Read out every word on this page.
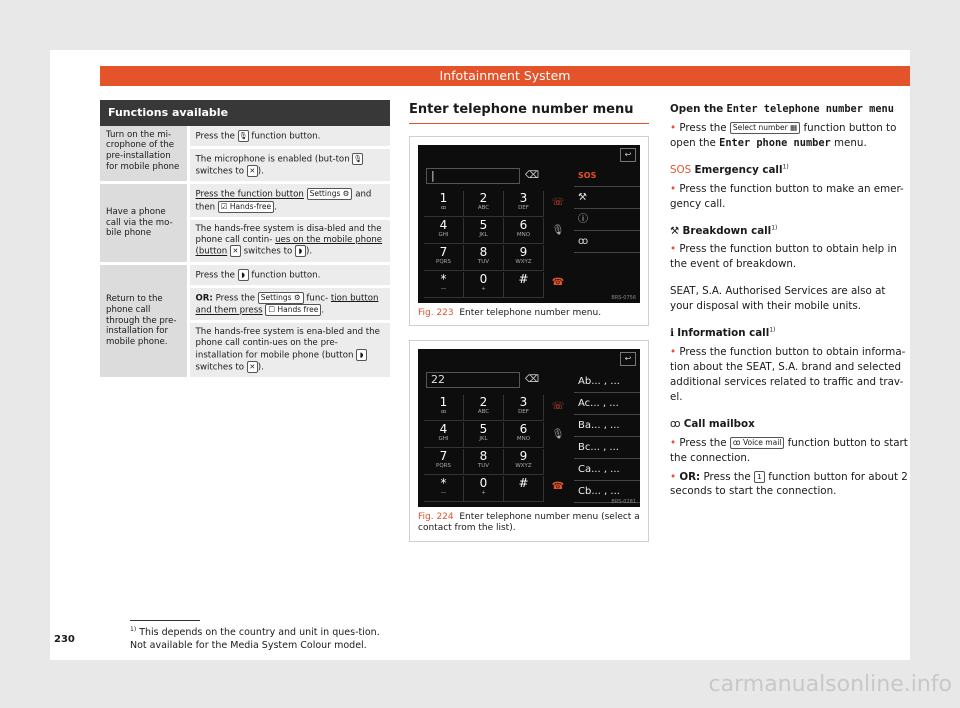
Infotainment System
Functions available	
Turn on the mi-crophone of the pre-installation for mobile phone	Press the 🎙 function button.
	The microphone is enabled (but-ton 🎙 switches to ✕ ).
Have a phone call via the mo-bile phone	Press the function button Settings ⚙ and then ☑ Hands-free .
	The hands-free system is disa-bled and the phone call contin- ues on the mobile phone (button ✕ switches to ◗ ).
Return to the phone call through the pre-installation for mobile phone.	Press the ◗ function button.
	OR: Press the Settings ⚙ func- tion button and them press ☐ Hands free .
	The hands-free system is ena-bled and the phone call contin-ues on the pre-installation for mobile phone (button ◗ switches to ✕ ).
Enter telephone number menu
↩
|	⌫
1
ꝏ
2
ABC
3
DEF
4
GHI
5
JKL
6
MNO
7
PQRS
8
TUV
9
WXYZ
*
—
0
+
#
☏
🎙
☎
SOS
⚒
ⓘ
ꝏ
BRS-0756
Fig. 223 Enter telephone number menu.
↩
22	⌫
1
ꝏ
2
ABC
3
DEF
4
GHI
5
JKL
6
MNO
7
PQRS
8
TUV
9
WXYZ
*
—
0
+
#
☏
🎙
☎
Ab... , ...
Ac... , ...
Ba... , ...
Bc... , ...
Ca... , ...
Cb... , ...
BRS-0281
Fig. 224 Enter telephone number menu (select a contact from the list).

Open the Enter telephone number menu

• Press the Select number ▦ function button to open the Enter phone number menu.

SOS Emergency call$^{1)}$

• Press the function button to make an emer-gency call.

⚒ Breakdown call$^{1)}$

• Press the function button to obtain help in the event of breakdown.

SEAT, S.A. Authorised Services are also at your disposal with their mobile units.

ℹ Information call$^{1)}$

• Press the function button to obtain informa-tion about the SEAT, S.A. brand and selected additional services related to traffic and trav-el.

ꝏ Call mailbox

• Press the ꝏ Voice mail function button to start the connection.

• OR: Press the 1 function button for about 2 seconds to start the connection.

$^{1)}$ This depends on the country and unit in ques-tion. Not available for the Media System Colour model.
230
carmanualsonline.info
